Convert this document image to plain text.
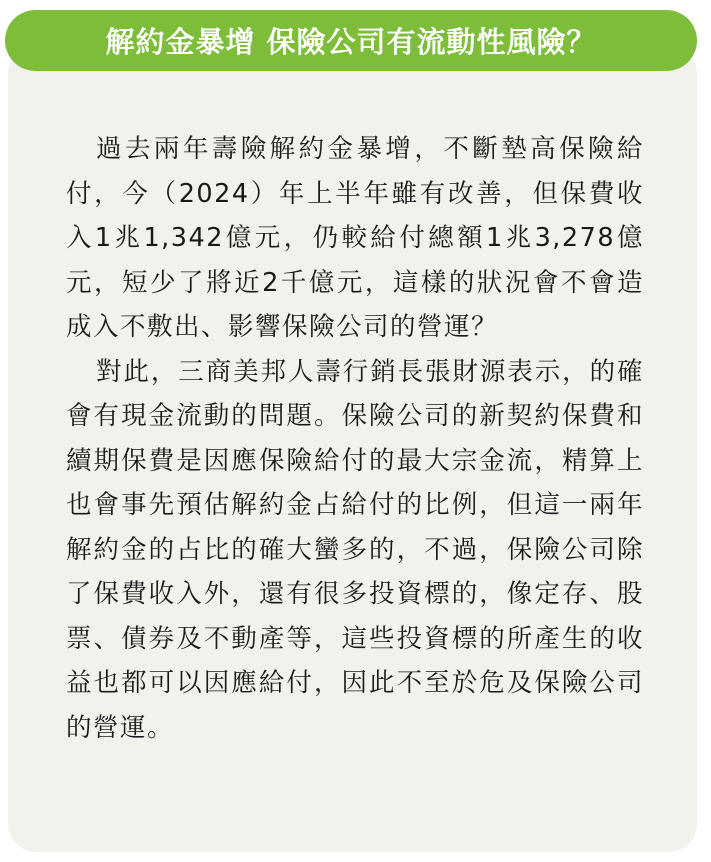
解約金暴增 保險公司有流動性風險？

過去兩年壽險解約金暴增，不斷墊高保險給付，今（2024）年上半年雖有改善，但保費收入1兆1,342億元，仍較給付總額1兆3,278億元，短少了將近2千億元，這樣的狀況會不會造成入不敷出、影響保險公司的營運？

對此，三商美邦人壽行銷長張財源表示，的確會有現金流動的問題。保險公司的新契約保費和續期保費是因應保險給付的最大宗金流，精算上也會事先預估解約金占給付的比例，但這一兩年解約金的占比的確大蠻多的，不過，保險公司除了保費收入外，還有很多投資標的，像定存、股票、債券及不動產等，這些投資標的所產生的收益也都可以因應給付，因此不至於危及保險公司的營運。
